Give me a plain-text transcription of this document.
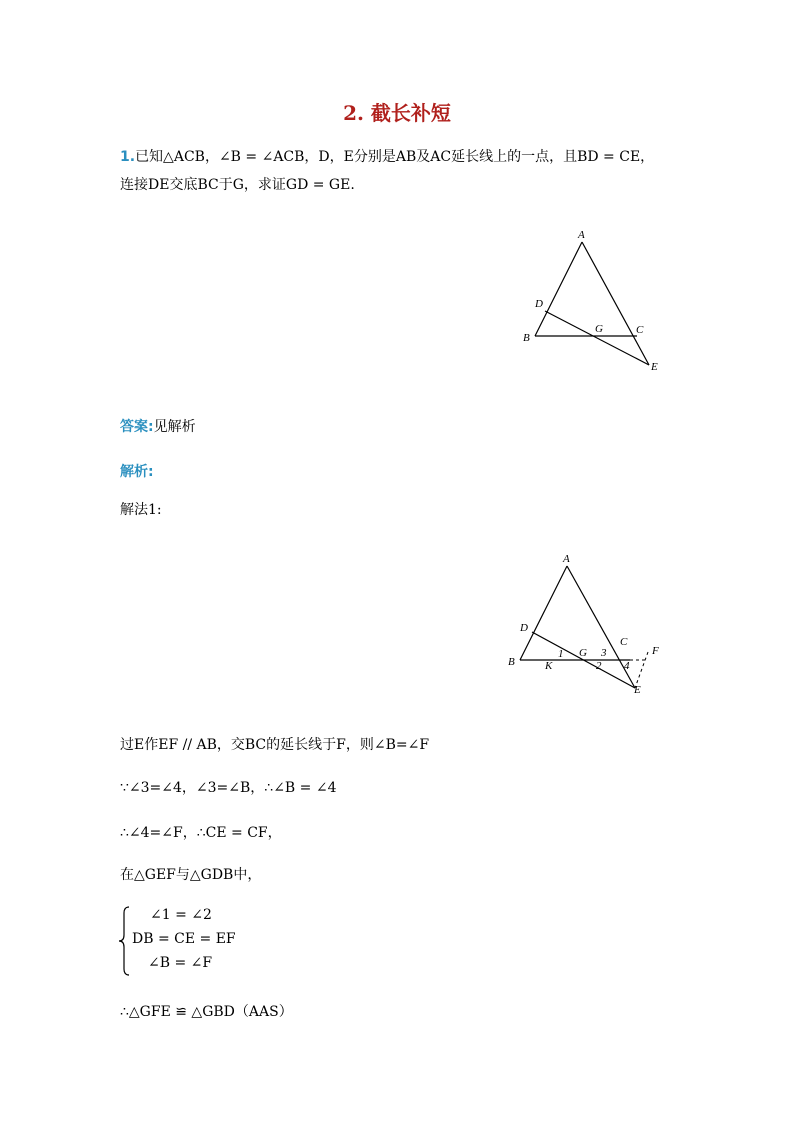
2. 截长补短
1.已知△ACB，∠B = ∠ACB，D，E分别是AB及AC延长线上的一点，且BD = CE，
连接DE交底BC于G，求证GD = GE.
A
D
G	C
B
E
答案:见解析
解析:
解法1:
A
D
C
F
B
1 G 3
K	2 4
E
过E作EF // AB，交BC的延长线于F，则∠B=∠F
∵∠3=∠4，∠3=∠B，∴∠B = ∠4
∴∠4=∠F，∴CE = CF，
在△GEF与△GDB中，
∠1 = ∠2
DB = CE = EF
∠B = ∠F
∴△GFE ≌ △GBD（AAS）
